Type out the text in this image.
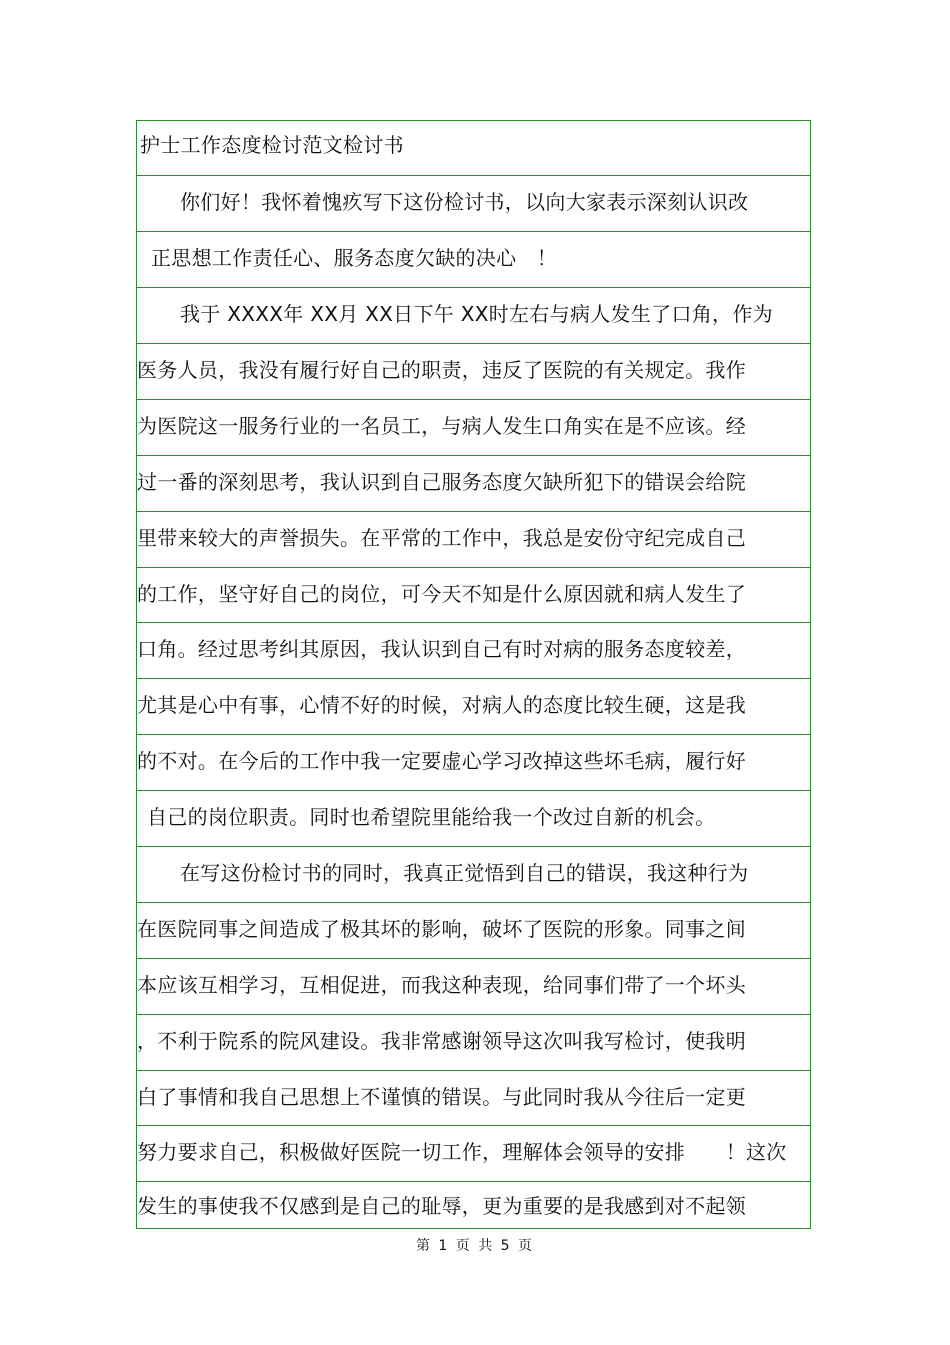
护士工作态度检讨范文检讨书
你们好！我怀着愧疚写下这份检讨书，以向大家表示深刻认识改
正思想工作责任心、服务态度欠缺的决心　！
我于 XXXX年 XX月 XX日下午 XX时左右与病人发生了口角，作为
医务人员，我没有履行好自己的职责，违反了医院的有关规定。我作
为医院这一服务行业的一名员工，与病人发生口角实在是不应该。经
过一番的深刻思考，我认识到自己服务态度欠缺所犯下的错误会给院
里带来较大的声誉损失。在平常的工作中，我总是安份守纪完成自己
的工作，坚守好自己的岗位，可今天不知是什么原因就和病人发生了
口角。经过思考纠其原因，我认识到自己有时对病的服务态度较差，
尤其是心中有事，心情不好的时候，对病人的态度比较生硬，这是我
的不对。在今后的工作中我一定要虚心学习改掉这些坏毛病，履行好
自己的岗位职责。同时也希望院里能给我一个改过自新的机会。
在写这份检讨书的同时，我真正觉悟到自己的错误，我这种行为
在医院同事之间造成了极其坏的影响，破坏了医院的形象。同事之间
本应该互相学习，互相促进，而我这种表现，给同事们带了一个坏头
，不利于院系的院风建设。我非常感谢领导这次叫我写检讨，使我明
白了事情和我自己思想上不谨慎的错误。与此同时我从今往后一定更
努力要求自己，积极做好医院一切工作，理解体会领导的安排　　！这次
发生的事使我不仅感到是自己的耻辱，更为重要的是我感到对不起领
第 1 页 共 5 页
